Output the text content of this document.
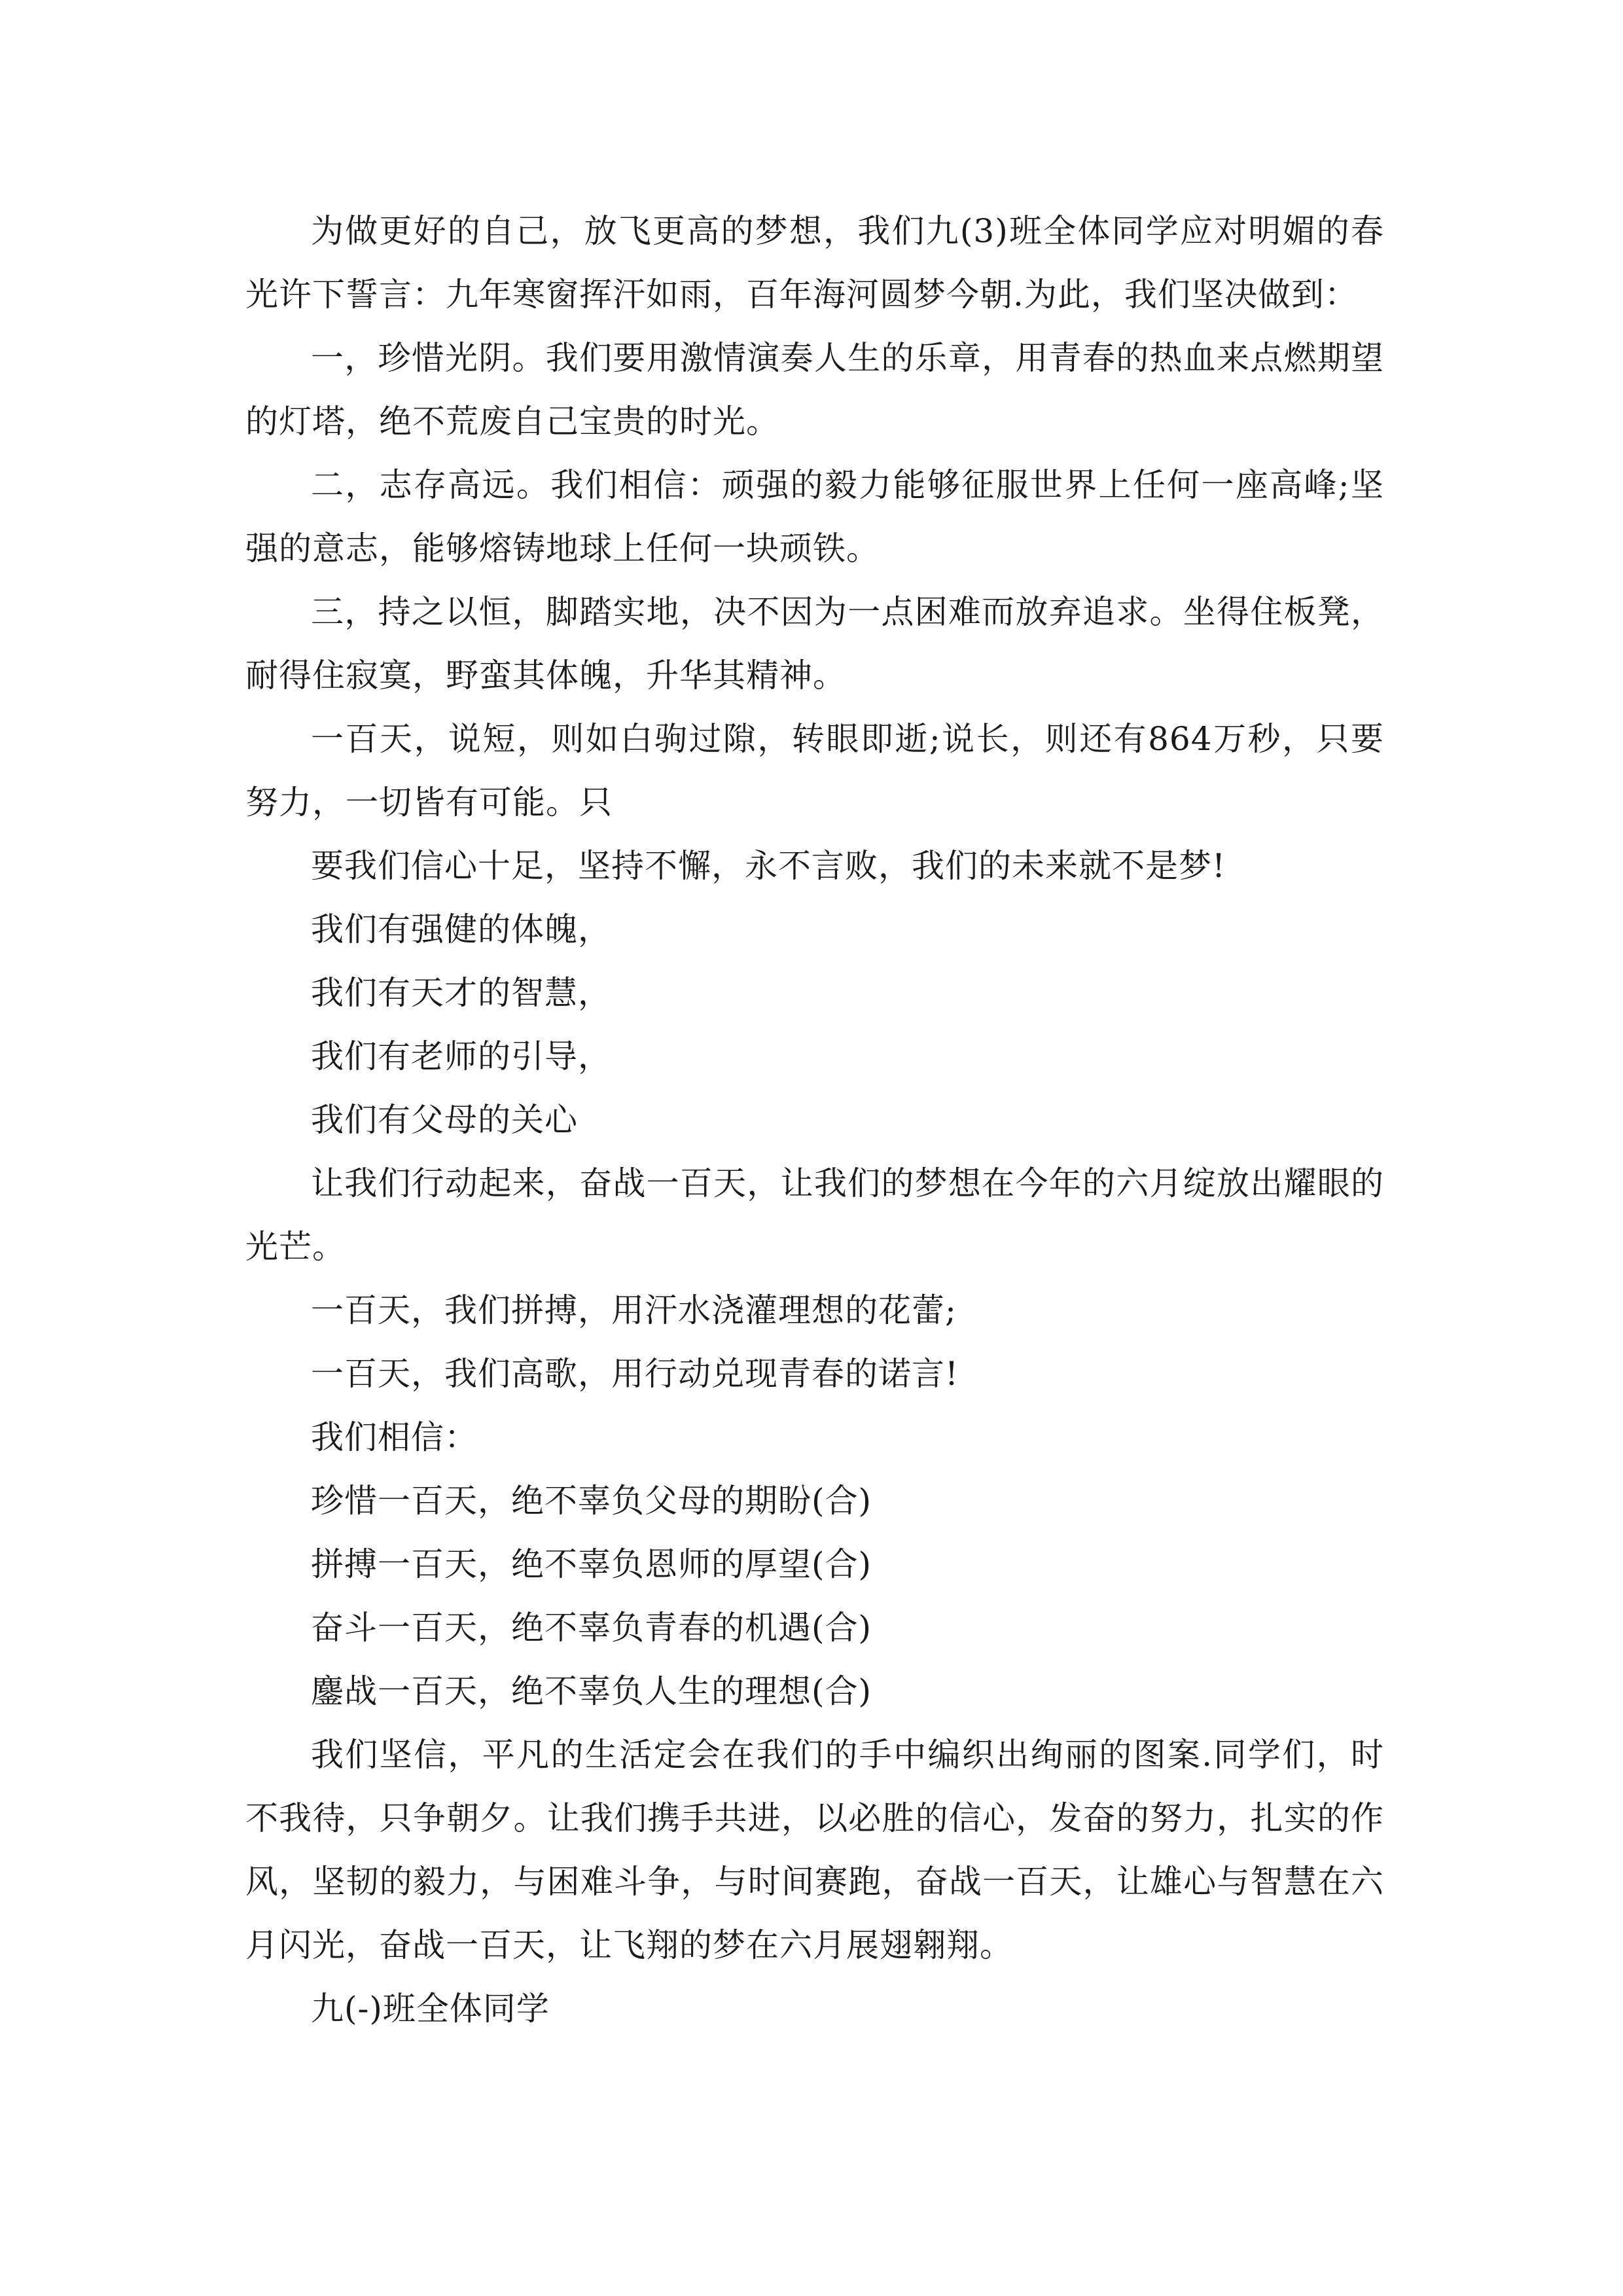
为做更好的自己，放飞更高的梦想，我们九(3)班全体同学应对明媚的春光许下誓言：九年寒窗挥汗如雨，百年海河圆梦今朝.为此，我们坚决做到：

一，珍惜光阴。我们要用激情演奏人生的乐章，用青春的热血来点燃期望的灯塔，绝不荒废自己宝贵的时光。

二，志存高远。我们相信：顽强的毅力能够征服世界上任何一座高峰;坚强的意志，能够熔铸地球上任何一块顽铁。

三，持之以恒，脚踏实地，决不因为一点困难而放弃追求。坐得住板凳，耐得住寂寞，野蛮其体魄，升华其精神。

一百天，说短，则如白驹过隙，转眼即逝;说长，则还有864万秒，只要努力，一切皆有可能。只

要我们信心十足，坚持不懈，永不言败，我们的未来就不是梦!

我们有强健的体魄，

我们有天才的智慧，

我们有老师的引导，

我们有父母的关心

让我们行动起来，奋战一百天，让我们的梦想在今年的六月绽放出耀眼的光芒。

一百天，我们拼搏，用汗水浇灌理想的花蕾;

一百天，我们高歌，用行动兑现青春的诺言!

我们相信：

珍惜一百天，绝不辜负父母的期盼(合)

拼搏一百天，绝不辜负恩师的厚望(合)

奋斗一百天，绝不辜负青春的机遇(合)

鏖战一百天，绝不辜负人生的理想(合)

我们坚信，平凡的生活定会在我们的手中编织出绚丽的图案.同学们，时不我待，只争朝夕。让我们携手共进，以必胜的信心，发奋的努力，扎实的作风，坚韧的毅力，与困难斗争，与时间赛跑，奋战一百天，让雄心与智慧在六月闪光，奋战一百天，让飞翔的梦在六月展翅翱翔。

九(-)班全体同学
